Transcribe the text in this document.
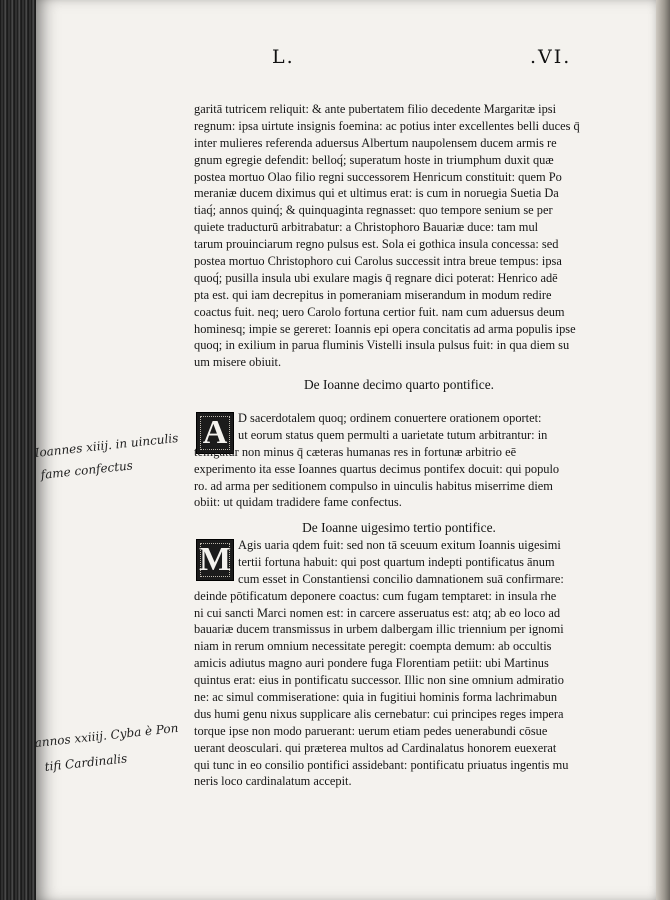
L.	.VI.
garitā tutricem reliquit: & ante pubertatem filio decedente Margaritæ ipsi
regnum: ipsa uirtute insignis foemina: ac potius inter excellentes belli duces q̄
inter mulieres referenda aduersus Albertum naupolensem ducem armis re
gnum egregie defendit: belloq́; superatum hoste in triumphum duxit quæ
postea mortuo Olao filio regni successorem Henricum constituit: quem Po
meraniæ ducem diximus qui et ultimus erat: is cum in noruegia Suetia Da
tiaq́; annos quinq́; & quinquaginta regnasset: quo tempore senium se per
quiete traducturū arbitrabatur: a Christophoro Bauariæ duce: tam mul
tarum prouinciarum regno pulsus est. Sola ei gothica insula concessa: sed
postea mortuo Christophoro cui Carolus successit intra breue tempus: ipsa
quoq́; pusilla insula ubi exulare magis q̄ regnare dici poterat: Henrico adē
pta est. qui iam decrepitus in pomeraniam miserandum in modum redire
coactus fuit. neq; uero Carolo fortuna certior fuit. nam cum aduersus deum
hominesq; impie se gereret: Ioannis epi opera concitatis ad arma populis ipse
quoq; in exilium in parua fluminis Vistelli insula pulsus fuit: in qua diem su
um misere obiuit.
De Ioanne decimo quarto pontifice.
A D sacerdotalem quoq; ordinem conuertere orationem oportet:
ut eorum status quem permulti a uarietate tutum arbitrantur: in
telligatur non minus q̄ cæteras humanas res in fortunæ arbitrio eē
experimento ita esse Ioannes quartus decimus pontifex docuit: qui populo
ro. ad arma per seditionem compulso in uinculis habitus miserrime diem
obiit: ut quidam tradidere fame confectus.
De Ioanne uigesimo tertio pontifice.
M Agis uaria qdem fuit: sed non tā sceuum exitum Ioannis uigesimi
tertii fortuna habuit: qui post quartum indepti pontificatus ānum
cum esset in Constantiensi concilio damnationem suā confirmare:
deinde pōtificatum deponere coactus: cum fugam temptaret: in insula rhe
ni cui sancti Marci nomen est: in carcere asseruatus est: atq; ab eo loco ad
bauariæ ducem transmissus in urbem dalbergam illic triennium per ignomi
niam in rerum omnium necessitate peregit: coempta demum: ab occultis
amicis adiutus magno auri pondere fuga Florentiam petiit: ubi Martinus
quintus erat: eius in pontificatu successor. Illic non sine omnium admiratio
ne: ac simul commiseratione: quia in fugitiui hominis forma lachrimabun
dus humi genu nixus supplicare alis cernebatur: cui principes reges impera
torque ipse non modo paruerant: uerum etiam pedes uenerabundi cōsue
uerant deosculari. qui præterea multos ad Cardinalatus honorem euexerat
qui tunc in eo consilio pontifici assidebant: pontificatu priuatus ingentis mu
neris loco cardinalatum accepit.
Ioannes xiiij. in uinculis
fame confectus
annos xxiiij. Cyba è Pon
tifi Cardinalis
